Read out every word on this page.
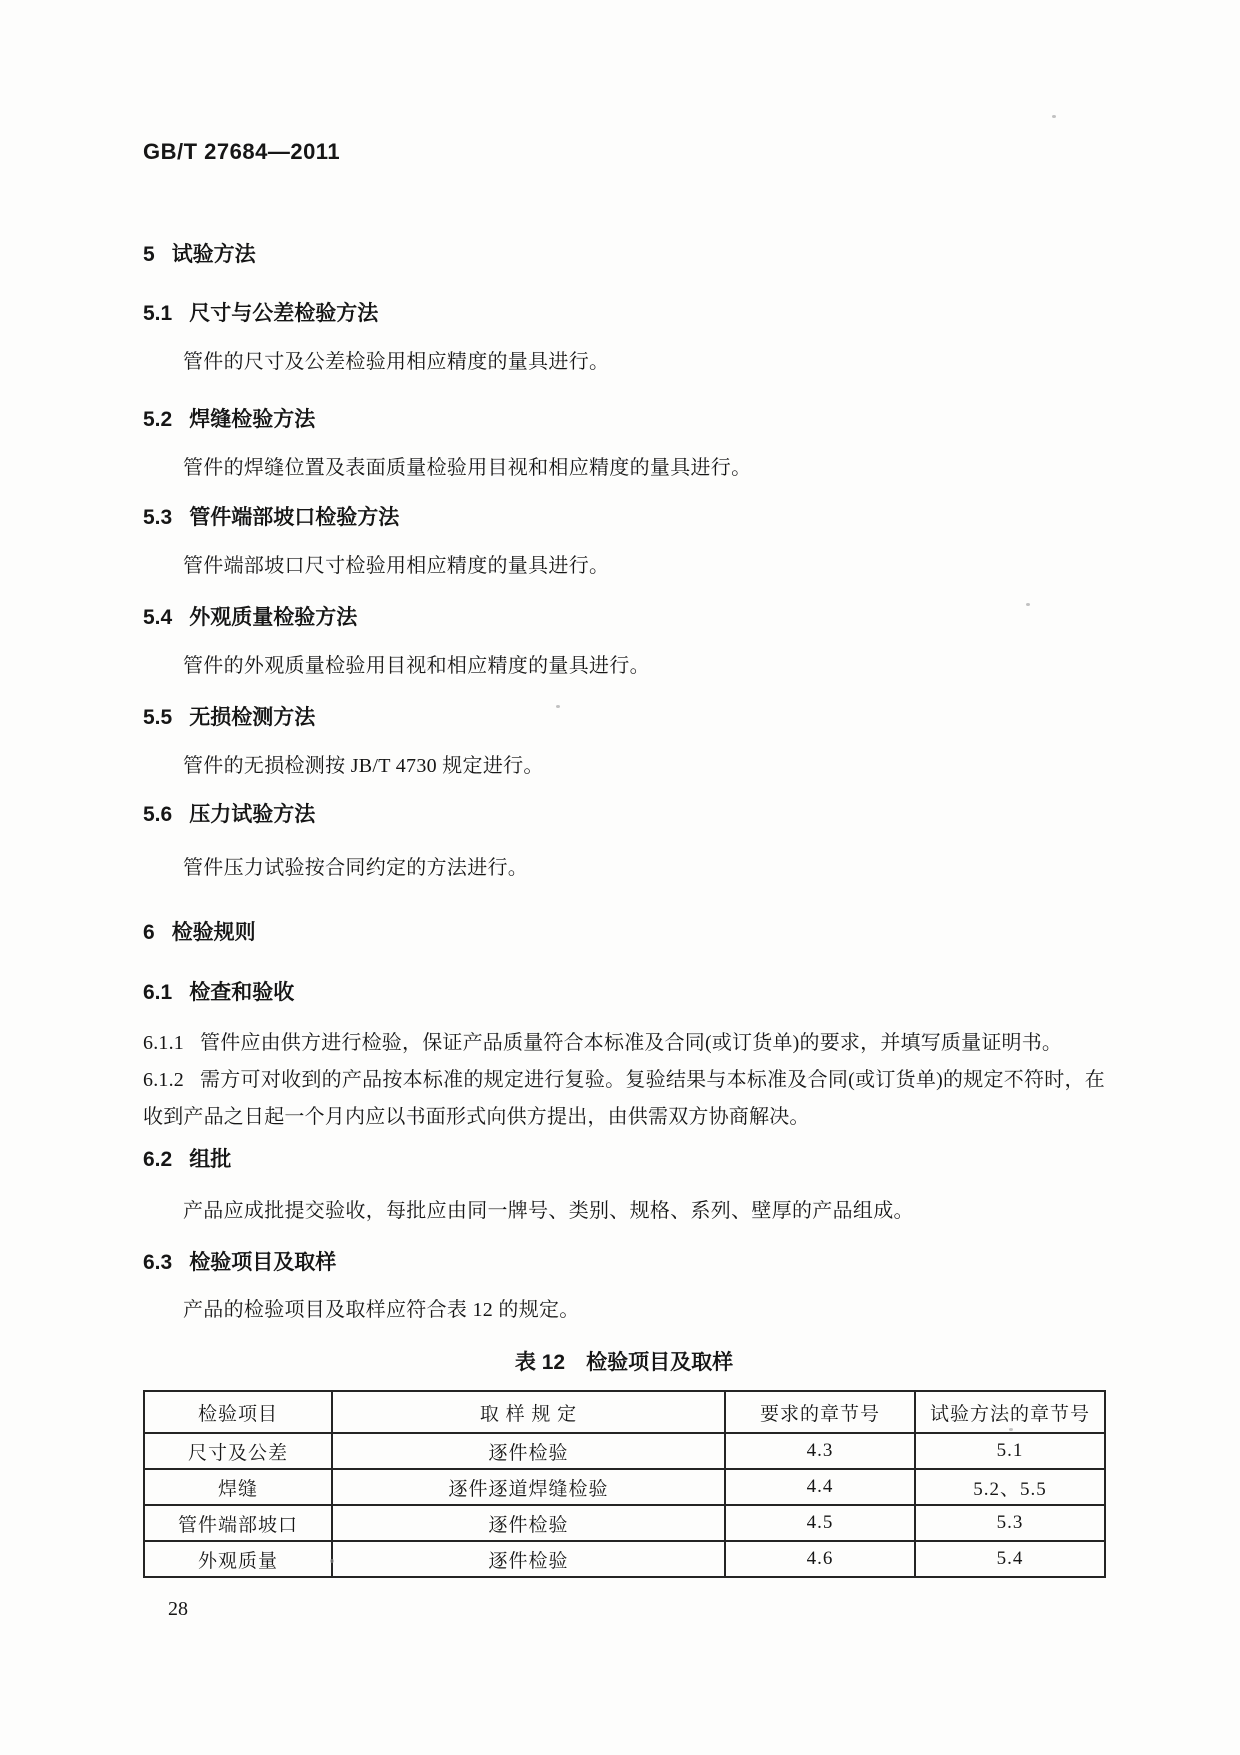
GB/T 27684—2011
5 试验方法
5.1 尺寸与公差检验方法
管件的尺寸及公差检验用相应精度的量具进行。
5.2 焊缝检验方法
管件的焊缝位置及表面质量检验用目视和相应精度的量具进行。
5.3 管件端部坡口检验方法
管件端部坡口尺寸检验用相应精度的量具进行。
5.4 外观质量检验方法
管件的外观质量检验用目视和相应精度的量具进行。
5.5 无损检测方法
管件的无损检测按 JB/T 4730 规定进行。
5.6 压力试验方法
管件压力试验按合同约定的方法进行。
6 检验规则
6.1 检查和验收
6.1.1 管件应由供方进行检验，保证产品质量符合本标准及合同(或订货单)的要求，并填写质量证明书。
6.1.2 需方可对收到的产品按本标准的规定进行复验。复验结果与本标准及合同(或订货单)的规定不符时，在收到产品之日起一个月内应以书面形式向供方提出，由供需双方协商解决。
6.2 组批
产品应成批提交验收，每批应由同一牌号、类别、规格、系列、壁厚的产品组成。
6.3 检验项目及取样
产品的检验项目及取样应符合表 12 的规定。
表 12　检验项目及取样
检验项目	取 样 规 定	要求的章节号	试验方法的章节号
尺寸及公差	逐件检验	4.3	5.1
焊缝	逐件逐道焊缝检验	4.4	5.2、5.5
管件端部坡口	逐件检验	4.5	5.3
外观质量	逐件检验	4.6	5.4
28
